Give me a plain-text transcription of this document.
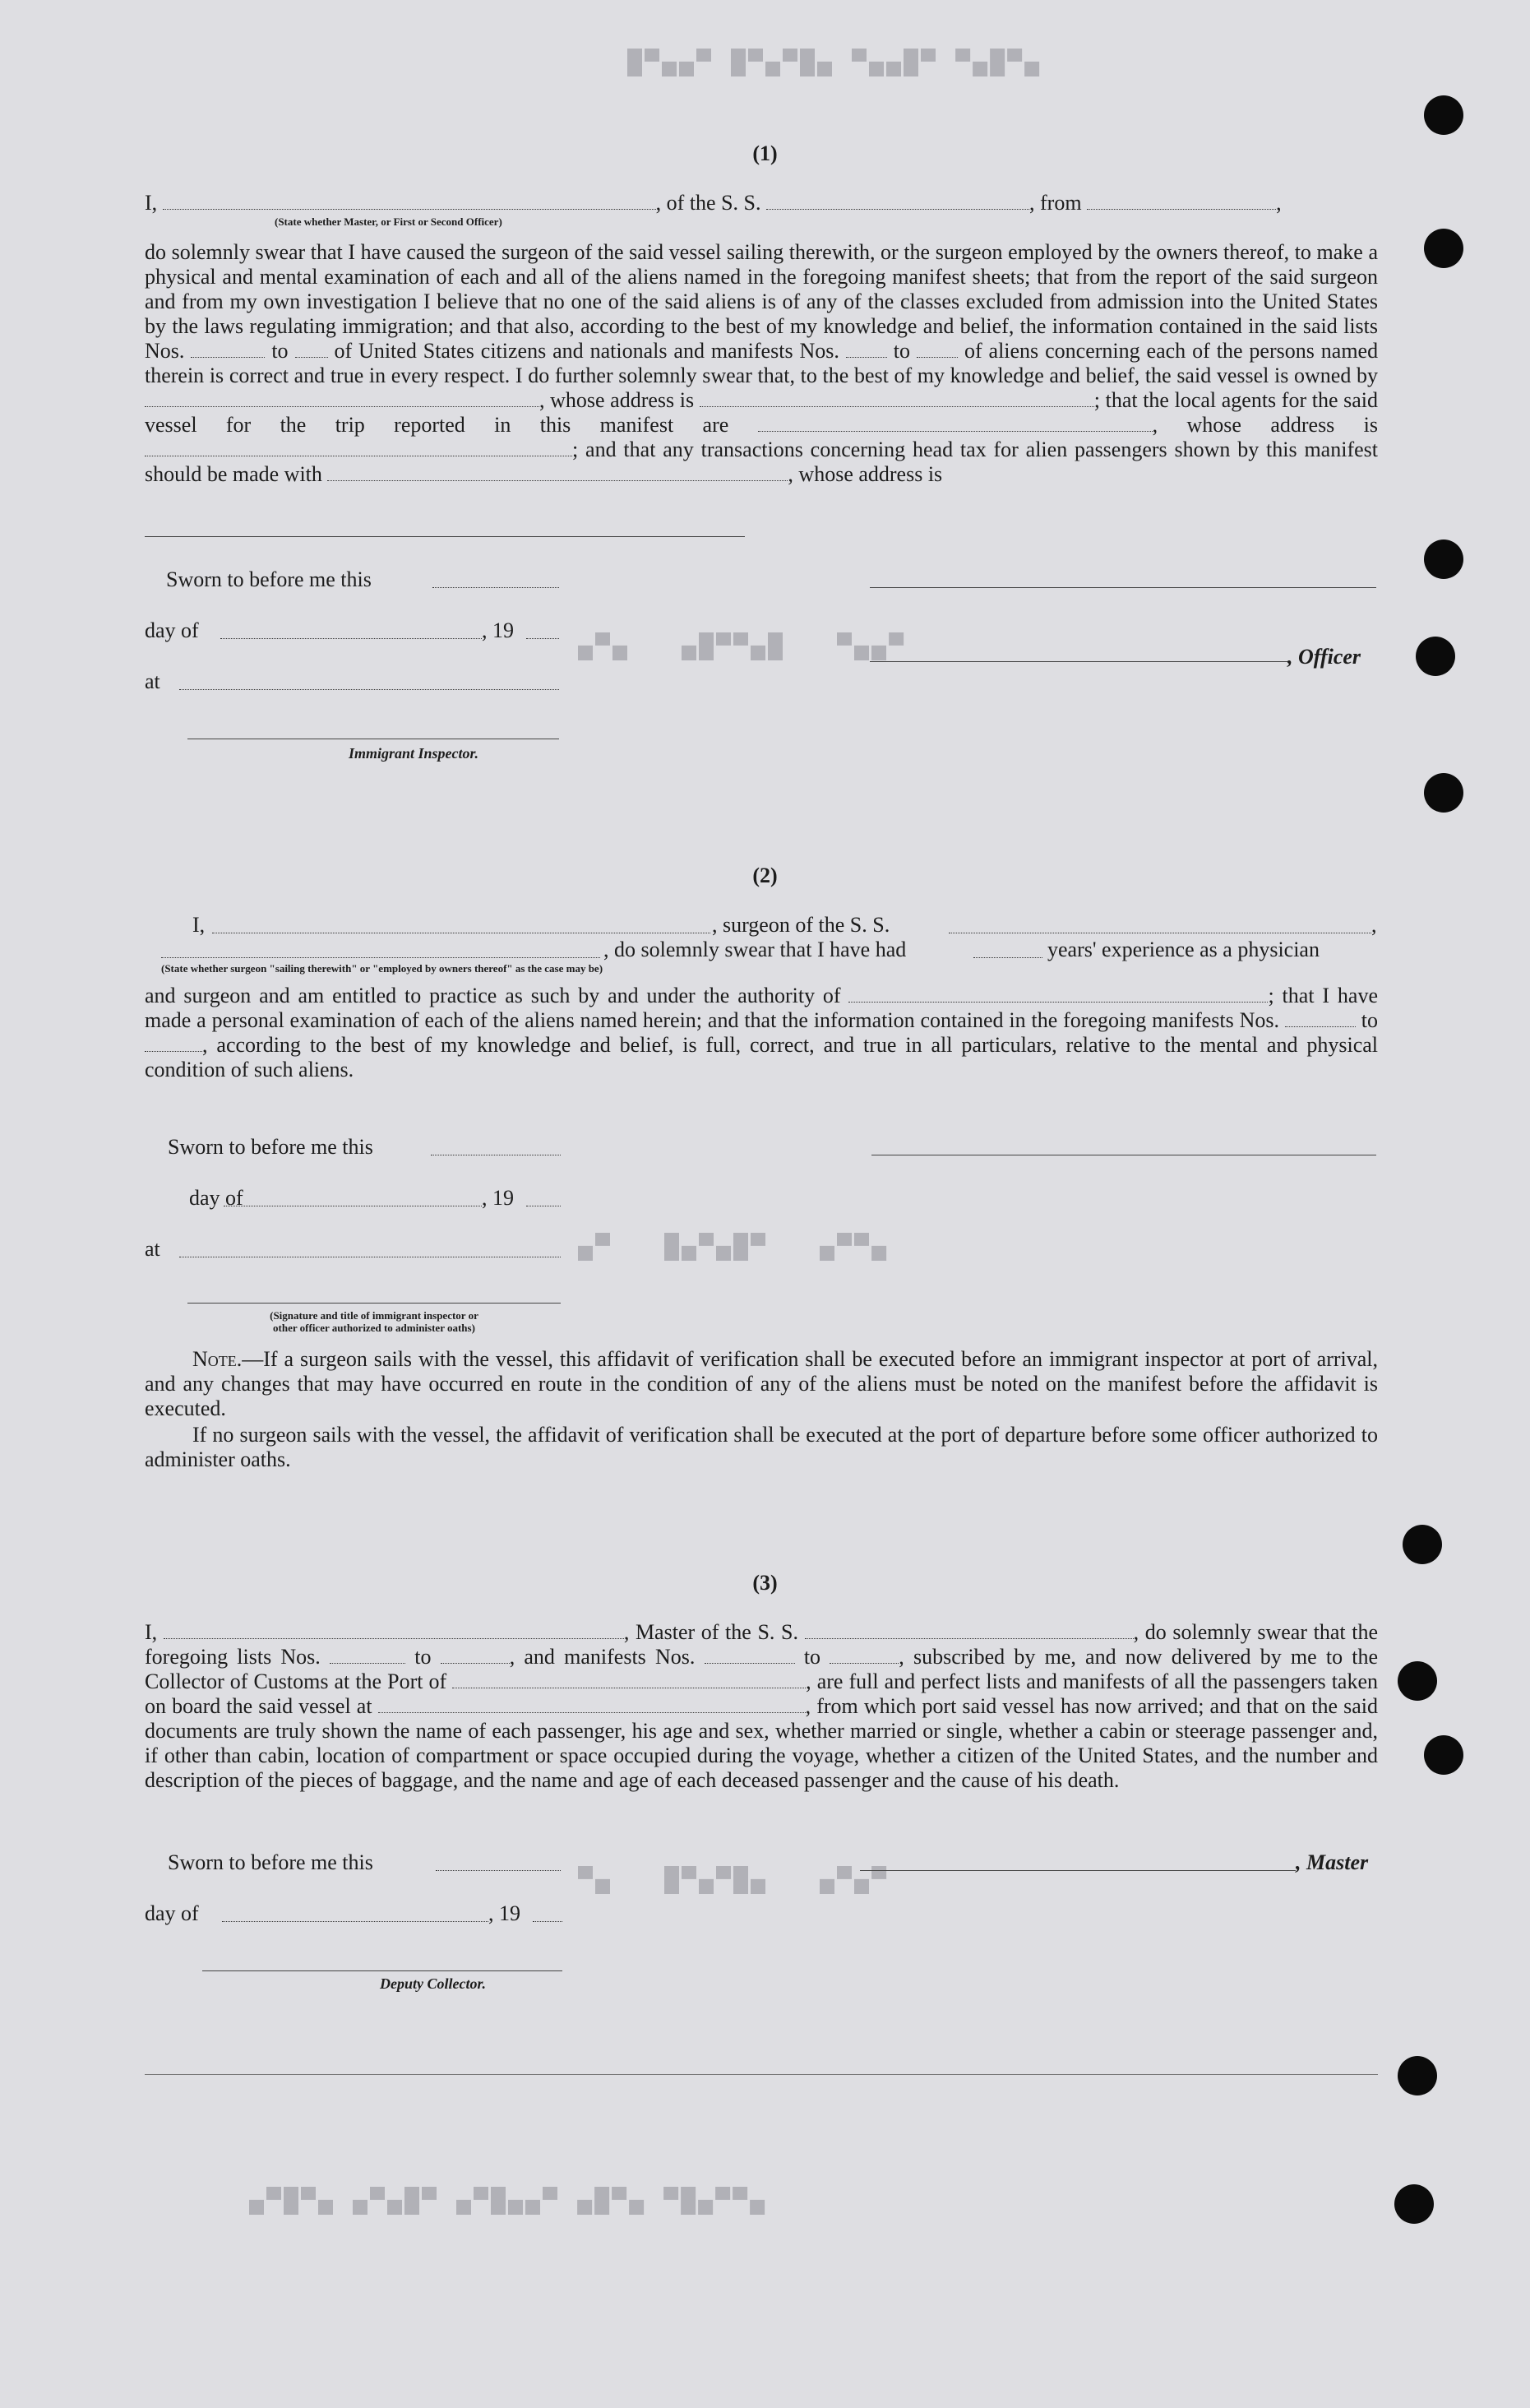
▄▀█▄▀ ▀█▄▄▀ ▄█▀▄▀█ ▀▄▄▀█
▀▄▄▀   █▄▀▀█▄   ▄▀▄
▄▀▀▄   ▀█▄▀▄█   ▀▄
▀▄▀▄   ▄█▀▄▀█   ▄▀
▄▀▀▄█▀ ▄▀█▄ ▀▄▄█▀▄ ▀█▄▀▄ ▄▀█▀▄
(1)
I,	, of the S. S.	, from	,

do solemnly swear that I have caused the surgeon of the said vessel sailing therewith, or the surgeon employed by the owners thereof, to make a physical and mental examination of each and all of the aliens named in the foregoing manifest sheets; that from the report of the said surgeon and from my own investigation I believe that no one of the said aliens is of any of the classes excluded from admission into the United States by the laws regulating immigration; and that also, according to the best of my knowledge and belief, the information contained in the said lists Nos.	to of United States citizens and nationals and manifests Nos.	to	of aliens concerning each of the persons named therein is correct and true in every respect. I do further solemnly swear that, to the best of my knowledge and belief, the said vessel is owned by , whose address is	; that the local agents for the said vessel for the trip reported in this manifest are	, whose address is ; and that any transactions concerning head tax for alien passengers shown by this manifest should be made with	, whose address is
(State whether Master, or First or Second Officer)
Sworn to before me this
day of	, 19
, Officer
at
Immigrant Inspector.
(2)
I,	, surgeon of the S. S.	,
, do solemnly swear that I have had	years' experience as a physician
(State whether surgeon "sailing therewith" or "employed by owners thereof" as the case may be)
and surgeon and am entitled to practice as such by and under the authority of	; that I have made a personal examination of each of the aliens named herein; and that the information contained in the foregoing manifests Nos.	to , according to the best of my knowledge and belief, is full, correct, and true in all particulars, relative to the mental and physical condition of such aliens.
Sworn to before me this
day of	, 19
at
(Signature and title of immigrant inspector or
other officer authorized to administer oaths)
Note.—If a surgeon sails with the vessel, this affidavit of verification shall be executed before an immigrant inspector at port of arrival, and any changes that may have occurred en route in the condition of any of the aliens must be noted on the manifest before the affidavit is executed.
If no surgeon sails with the vessel, the affidavit of verification shall be executed at the port of departure before some officer authorized to administer oaths.
(3)
I,	, Master of the S. S.	, do solemnly swear that the foregoing lists Nos.	to	, and manifests Nos.	to	, subscribed by me, and now delivered by me to the Collector of Customs at the Port of	, are full and perfect lists and manifests of all the passengers taken on board the said vessel at	, from which port said vessel has now arrived; and that on the said documents are truly shown the name of each passenger, his age and sex, whether married or single, whether a cabin or steerage passenger and, if other than cabin, location of compartment or space occupied during the voyage, whether a citizen of the United States, and the number and description of the pieces of baggage, and the name and age of each deceased passenger and the cause of his death.
Sworn to before me this	, Master
day of	, 19
Deputy Collector.
